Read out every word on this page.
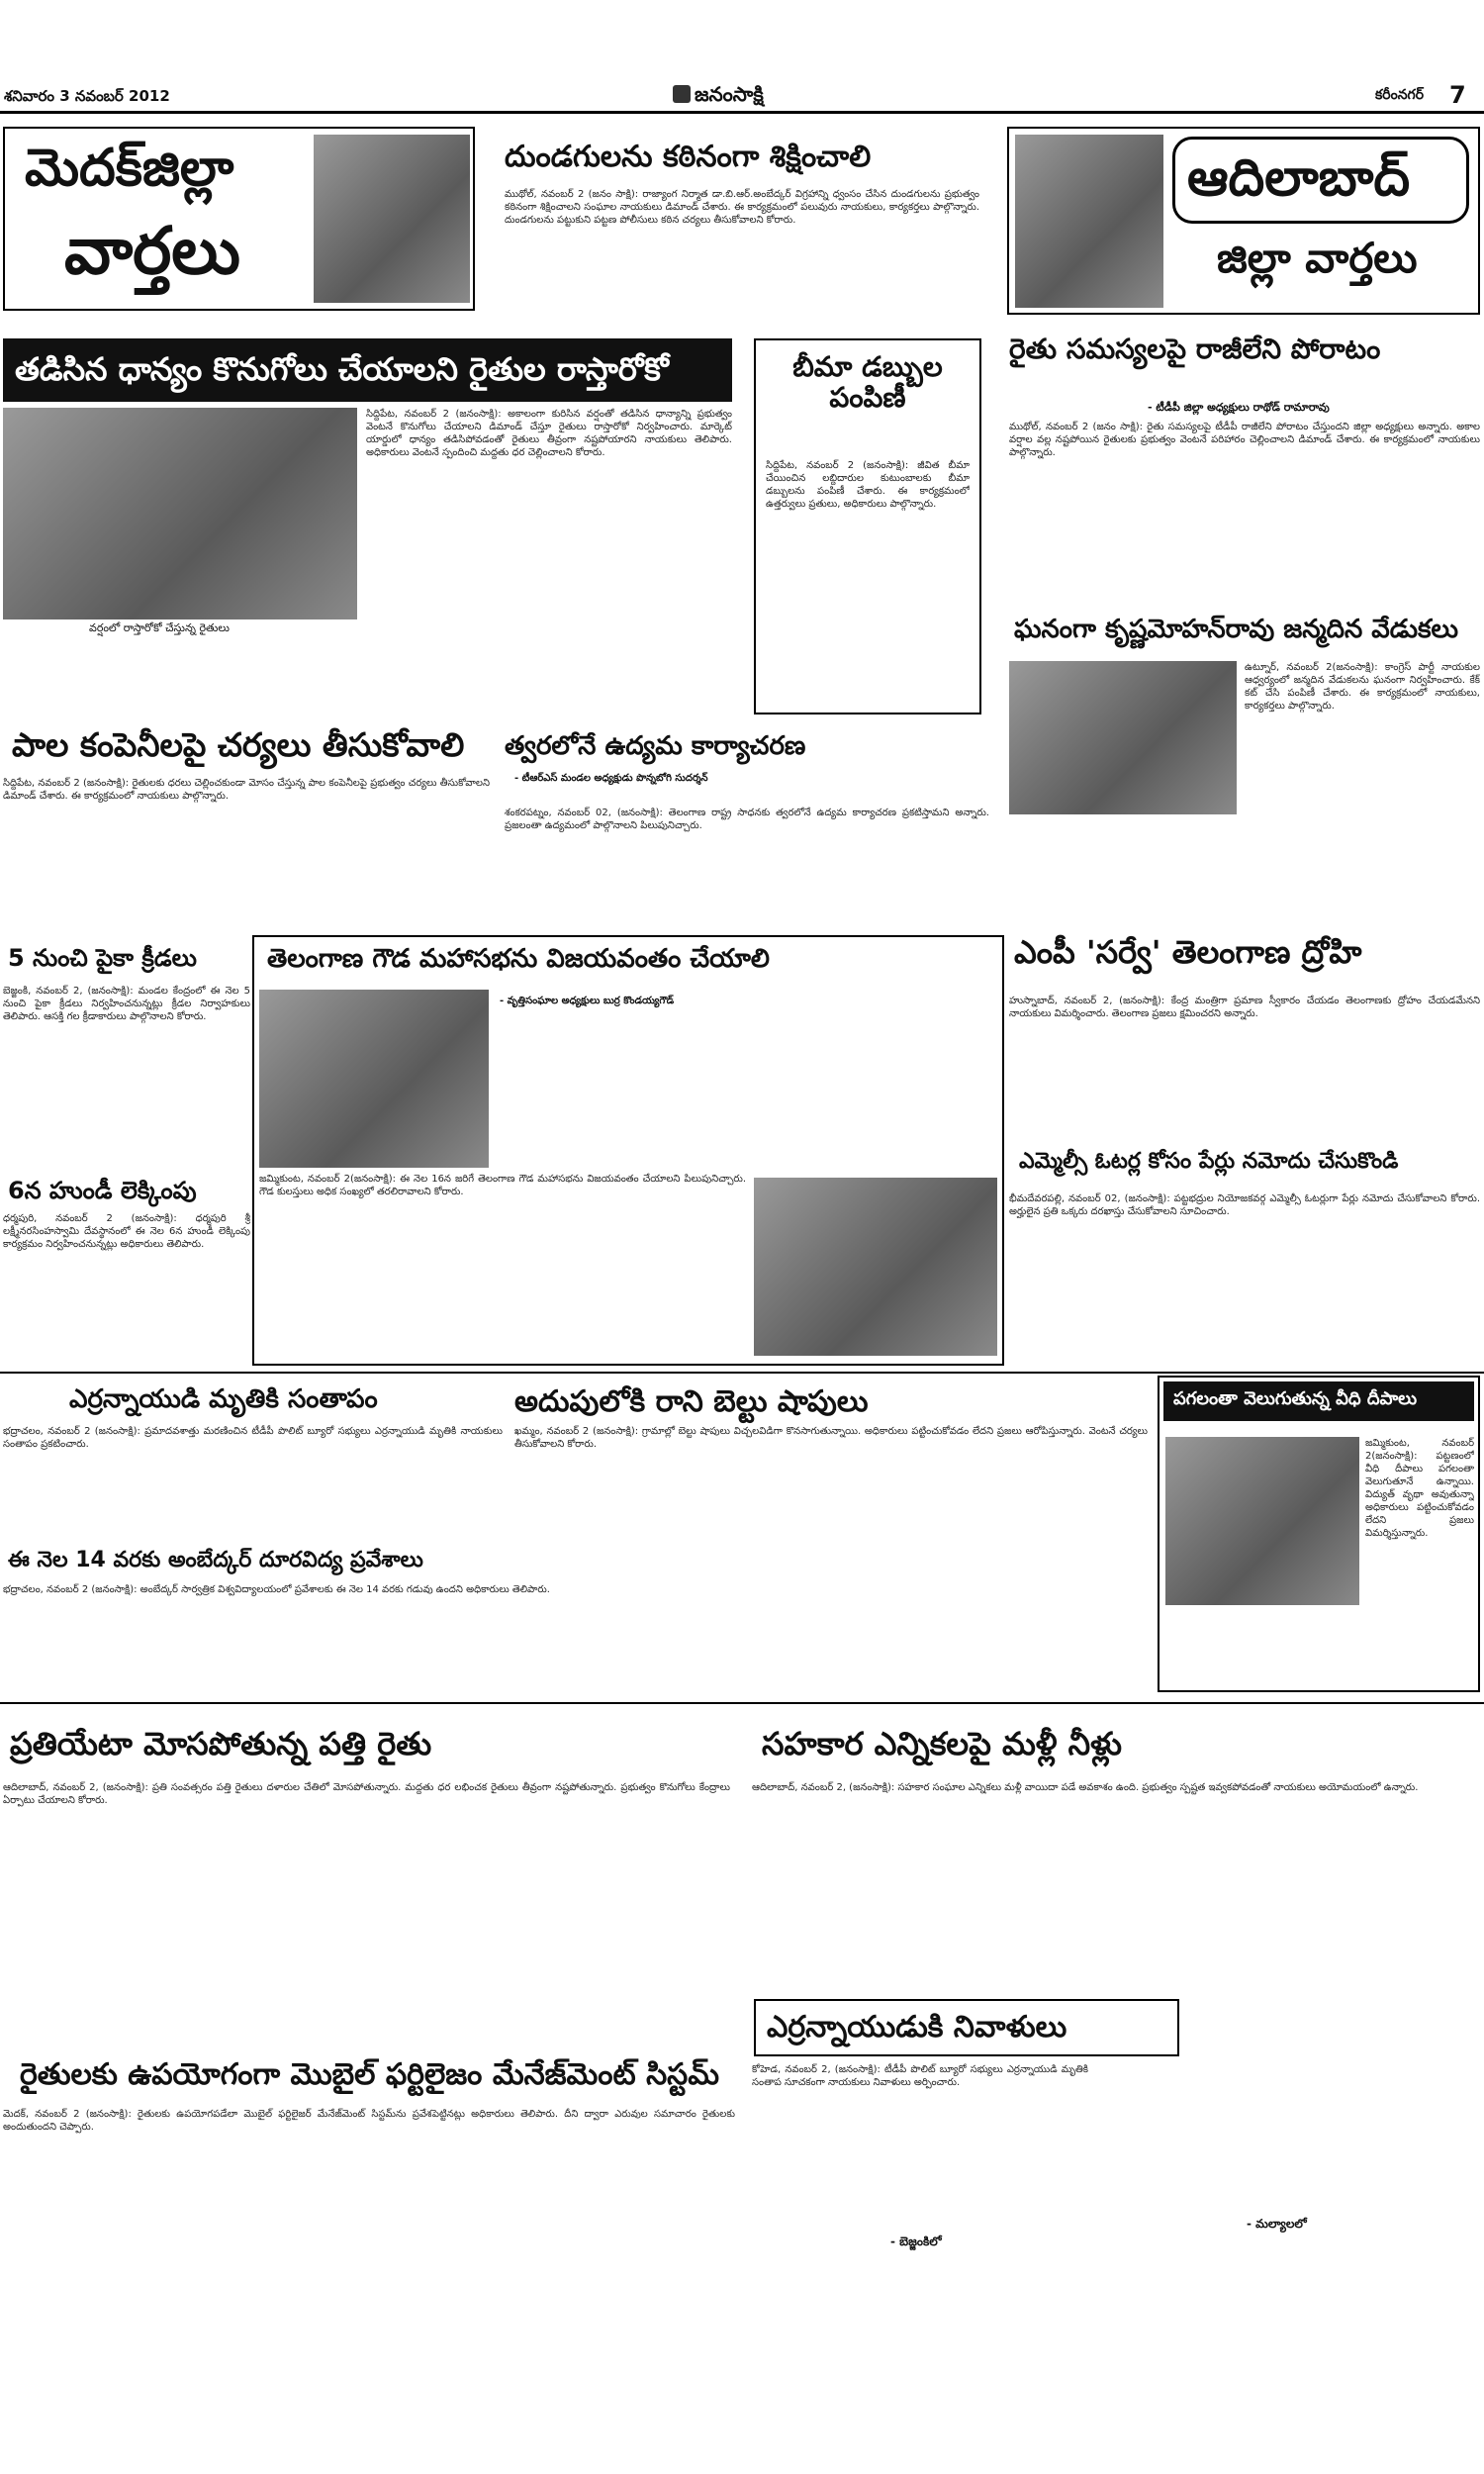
శనివారం 3 నవంబర్ 2012	జనంసాక్షి	కరీంనగర్ 7
మెదక్‌జిల్లా
వార్తలు
దుండగులను కఠినంగా శిక్షించాలి
ముథోల్, నవంబర్ 2 (జనం సాక్షి): రాజ్యాంగ నిర్మాత డా.బి.ఆర్.అంబేద్కర్ విగ్రహాన్ని ధ్వంసం చేసిన దుండగులను ప్రభుత్వం కఠినంగా శిక్షించాలని సంఘాల నాయకులు డిమాండ్ చేశారు. ఈ కార్యక్రమంలో పలువురు నాయకులు, కార్యకర్తలు పాల్గొన్నారు. దుండగులను పట్టుకుని పట్టణ పోలీసులు కఠిన చర్యలు తీసుకోవాలని కోరారు.
ఆదిలాబాద్
జిల్లా వార్తలు
తడిసిన ధాన్యం కొనుగోలు చేయాలని రైతుల రాస్తారోకో
వర్షంలో రాస్తారోకో చేస్తున్న రైతులు
సిద్దిపేట, నవంబర్ 2 (జనంసాక్షి): అకాలంగా కురిసిన వర్షంతో తడిసిన ధాన్యాన్ని ప్రభుత్వం వెంటనే కొనుగోలు చేయాలని డిమాండ్ చేస్తూ రైతులు రాస్తారోకో నిర్వహించారు. మార్కెట్ యార్డులో ధాన్యం తడిసిపోవడంతో రైతులు తీవ్రంగా నష్టపోయారని నాయకులు తెలిపారు. అధికారులు వెంటనే స్పందించి మద్దతు ధర చెల్లించాలని కోరారు.
బీమా డబ్బుల పంపిణీ
సిద్దిపేట, నవంబర్ 2 (జనంసాక్షి): జీవిత బీమా చేయించిన లబ్దిదారుల కుటుంబాలకు బీమా డబ్బులను పంపిణీ చేశారు. ఈ కార్యక్రమంలో ఉత్తర్వులు ప్రతులు, అధికారులు పాల్గొన్నారు.
రైతు సమస్యలపై రాజీలేని పోరాటం
- టీడీపీ జిల్లా అధ్యక్షులు రాథోడ్ రామారావు
ముథోల్, నవంబర్ 2 (జనం సాక్షి): రైతు సమస్యలపై టీడీపీ రాజీలేని పోరాటం చేస్తుందని జిల్లా అధ్యక్షులు అన్నారు. అకాల వర్షాల వల్ల నష్టపోయిన రైతులకు ప్రభుత్వం వెంటనే పరిహారం చెల్లించాలని డిమాండ్ చేశారు. ఈ కార్యక్రమంలో నాయకులు పాల్గొన్నారు.
ఘనంగా కృష్ణమోహన్‌రావు జన్మదిన వేడుకలు
ఉట్నూర్, నవంబర్ 2(జనంసాక్షి): కాంగ్రెస్ పార్టీ నాయకుల ఆధ్వర్యంలో జన్మదిన వేడుకలను ఘనంగా నిర్వహించారు. కేక్ కట్ చేసి పంపిణీ చేశారు. ఈ కార్యక్రమంలో నాయకులు, కార్యకర్తలు పాల్గొన్నారు.
పాల కంపెనీలపై చర్యలు తీసుకోవాలి
సిద్దిపేట, నవంబర్ 2 (జనంసాక్షి): రైతులకు ధరలు చెల్లించకుండా మోసం చేస్తున్న పాల కంపెనీలపై ప్రభుత్వం చర్యలు తీసుకోవాలని డిమాండ్ చేశారు. ఈ కార్యక్రమంలో నాయకులు పాల్గొన్నారు.
త్వరలోనే ఉద్యమ కార్యాచరణ
- టీఆర్ఎస్ మండల అధ్యక్షుడు పొన్నబోగి సుదర్శన్
శంకరపట్నం, నవంబర్ 02, (జనంసాక్షి): తెలంగాణ రాష్ట్ర సాధనకు త్వరలోనే ఉద్యమ కార్యాచరణ ప్రకటిస్తామని అన్నారు. ప్రజలంతా ఉద్యమంలో పాల్గొనాలని పిలుపునిచ్చారు.
ఎంపీ 'సర్వే' తెలంగాణ ద్రోహి
హుస్నాబాద్, నవంబర్ 2, (జనంసాక్షి): కేంద్ర మంత్రిగా ప్రమాణ స్వీకారం చేయడం తెలంగాణకు ద్రోహం చేయడమేనని నాయకులు విమర్శించారు. తెలంగాణ ప్రజలు క్షమించరని అన్నారు.
5 నుంచి పైకా క్రీడలు
బెజ్జంకి, నవంబర్ 2, (జనంసాక్షి): మండల కేంద్రంలో ఈ నెల 5 నుంచి పైకా క్రీడలు నిర్వహించనున్నట్లు క్రీడల నిర్వాహకులు తెలిపారు. ఆసక్తి గల క్రీడాకారులు పాల్గొనాలని కోరారు.
6న హుండీ లెక్కింపు
ధర్మపురి, నవంబర్ 2 (జనంసాక్షి): ధర్మపురి శ్రీ లక్ష్మీనరసింహస్వామి దేవస్థానంలో ఈ నెల 6న హుండీ లెక్కింపు కార్యక్రమం నిర్వహించనున్నట్లు అధికారులు తెలిపారు.
తెలంగాణ గౌడ మహాసభను విజయవంతం చేయాలి
- వృత్తిసంఘాల అధ్యక్షులు బుర్ర కొండయ్యగౌడ్
జమ్మికుంట, నవంబర్ 2(జనంసాక్షి): ఈ నెల 16న జరిగే తెలంగాణ గౌడ మహాసభను విజయవంతం చేయాలని పిలుపునిచ్చారు. గౌడ కులస్తులు అధిక సంఖ్యలో తరలిరావాలని కోరారు.
ఎమ్మెల్సీ ఓటర్ల కోసం పేర్లు నమోదు చేసుకొండి
భీమదేవరపల్లి, నవంబర్ 02, (జనంసాక్షి): పట్టభద్రుల నియోజకవర్గ ఎమ్మెల్సీ ఓటర్లుగా పేర్లు నమోదు చేసుకోవాలని కోరారు. అర్హులైన ప్రతి ఒక్కరు దరఖాస్తు చేసుకోవాలని సూచించారు.
ఎర్రన్నాయుడి మృతికి సంతాపం
భద్రాచలం, నవంబర్ 2 (జనంసాక్షి): ప్రమాదవశాత్తు మరణించిన టీడీపీ పొలిట్ బ్యూరో సభ్యులు ఎర్రన్నాయుడి మృతికి నాయకులు సంతాపం ప్రకటించారు.
ఈ నెల 14 వరకు అంబేద్కర్ దూరవిద్య ప్రవేశాలు
భద్రాచలం, నవంబర్ 2 (జనంసాక్షి): అంబేద్కర్ సార్వత్రిక విశ్వవిద్యాలయంలో ప్రవేశాలకు ఈ నెల 14 వరకు గడువు ఉందని అధికారులు తెలిపారు.
అదుపులోకి రాని బెల్టు షాపులు
ఖమ్మం, నవంబర్ 2 (జనంసాక్షి): గ్రామాల్లో బెల్టు షాపులు విచ్చలవిడిగా కొనసాగుతున్నాయి. అధికారులు పట్టించుకోవడం లేదని ప్రజలు ఆరోపిస్తున్నారు. వెంటనే చర్యలు తీసుకోవాలని కోరారు.
పగలంతా వెలుగుతున్న వీధి దీపాలు
జమ్మికుంట, నవంబర్ 2(జనంసాక్షి): పట్టణంలో వీధి దీపాలు పగలంతా వెలుగుతూనే ఉన్నాయి. విద్యుత్ వృథా అవుతున్నా అధికారులు పట్టించుకోవడం లేదని ప్రజలు విమర్శిస్తున్నారు.
ప్రతియేటా మోసపోతున్న పత్తి రైతు
ఆదిలాబాద్, నవంబర్ 2, (జనంసాక్షి): ప్రతి సంవత్సరం పత్తి రైతులు దళారుల చేతిలో మోసపోతున్నారు. మద్దతు ధర లభించక రైతులు తీవ్రంగా నష్టపోతున్నారు. ప్రభుత్వం కొనుగోలు కేంద్రాలు ఏర్పాటు చేయాలని కోరారు.
సహకార ఎన్నికలపై మళ్లీ నీళ్లు
ఆదిలాబాద్, నవంబర్ 2, (జనంసాక్షి): సహకార సంఘాల ఎన్నికలు మళ్లీ వాయిదా పడే అవకాశం ఉంది. ప్రభుత్వం స్పష్టత ఇవ్వకపోవడంతో నాయకులు అయోమయంలో ఉన్నారు.
ఎర్రన్నాయుడుకి నివాళులు
కోహెడ, నవంబర్ 2, (జనంసాక్షి): టీడీపీ పొలిట్ బ్యూరో సభ్యులు ఎర్రన్నాయుడి మృతికి సంతాప సూచకంగా నాయకులు నివాళులు అర్పించారు.
- బెజ్జంకిలో
- మల్యాలలో
రైతులకు ఉపయోగంగా మొబైల్ ఫర్టిలైజం మేనేజ్‌మెంట్ సిస్టమ్
మెదక్, నవంబర్ 2 (జనంసాక్షి): రైతులకు ఉపయోగపడేలా మొబైల్ ఫర్టిలైజర్ మేనేజ్‌మెంట్ సిస్టమ్‌ను ప్రవేశపెట్టినట్లు అధికారులు తెలిపారు. దీని ద్వారా ఎరువుల సమాచారం రైతులకు అందుతుందని చెప్పారు.
